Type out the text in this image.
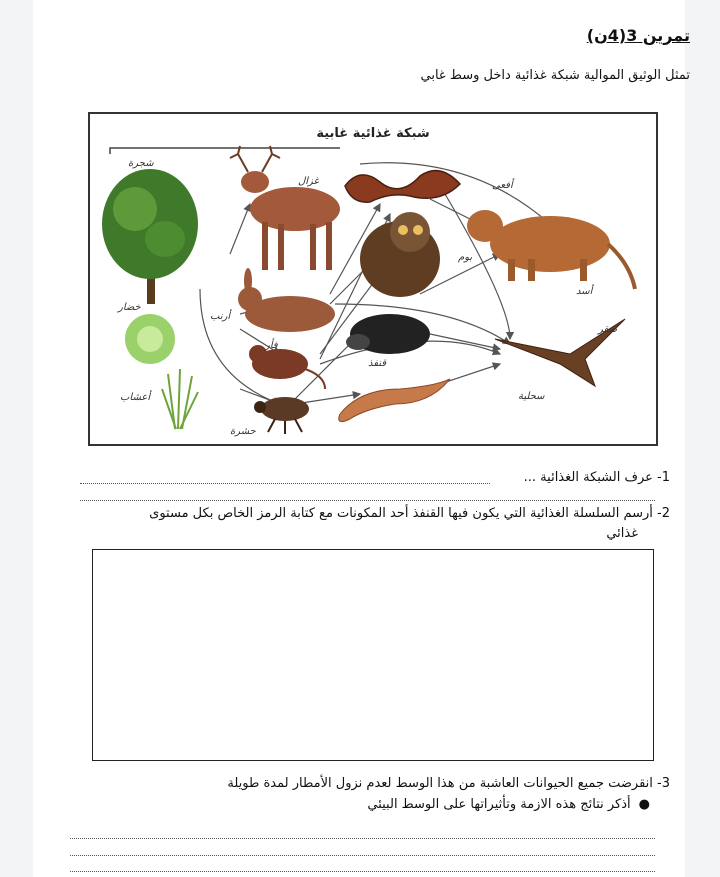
تمرين 3(4ن)
تمثل الوثيق الموالية شبكة غذائية داخل وسط غابي
شبكة غذائية غابية
شجرة
غزال	أفعى
بوم
أسد
أرنب
خضار
أعشاب
فأر
قنفذ
صقر
سحلية
حشرة
1- عرف الشبكة الغذائية ...
2- أرسم السلسلة الغذائية التي يكون فيها القنفذ أحد المكونات مع كتابة الرمز الخاص بكل مستوى
غذائي
3- انقرضت جميع الحيوانات العاشبة من هذا الوسط لعدم نزول الأمطار لمدة طويلة
●أذكر نتائج هذه الازمة وتأثيراتها على الوسط البيئي
